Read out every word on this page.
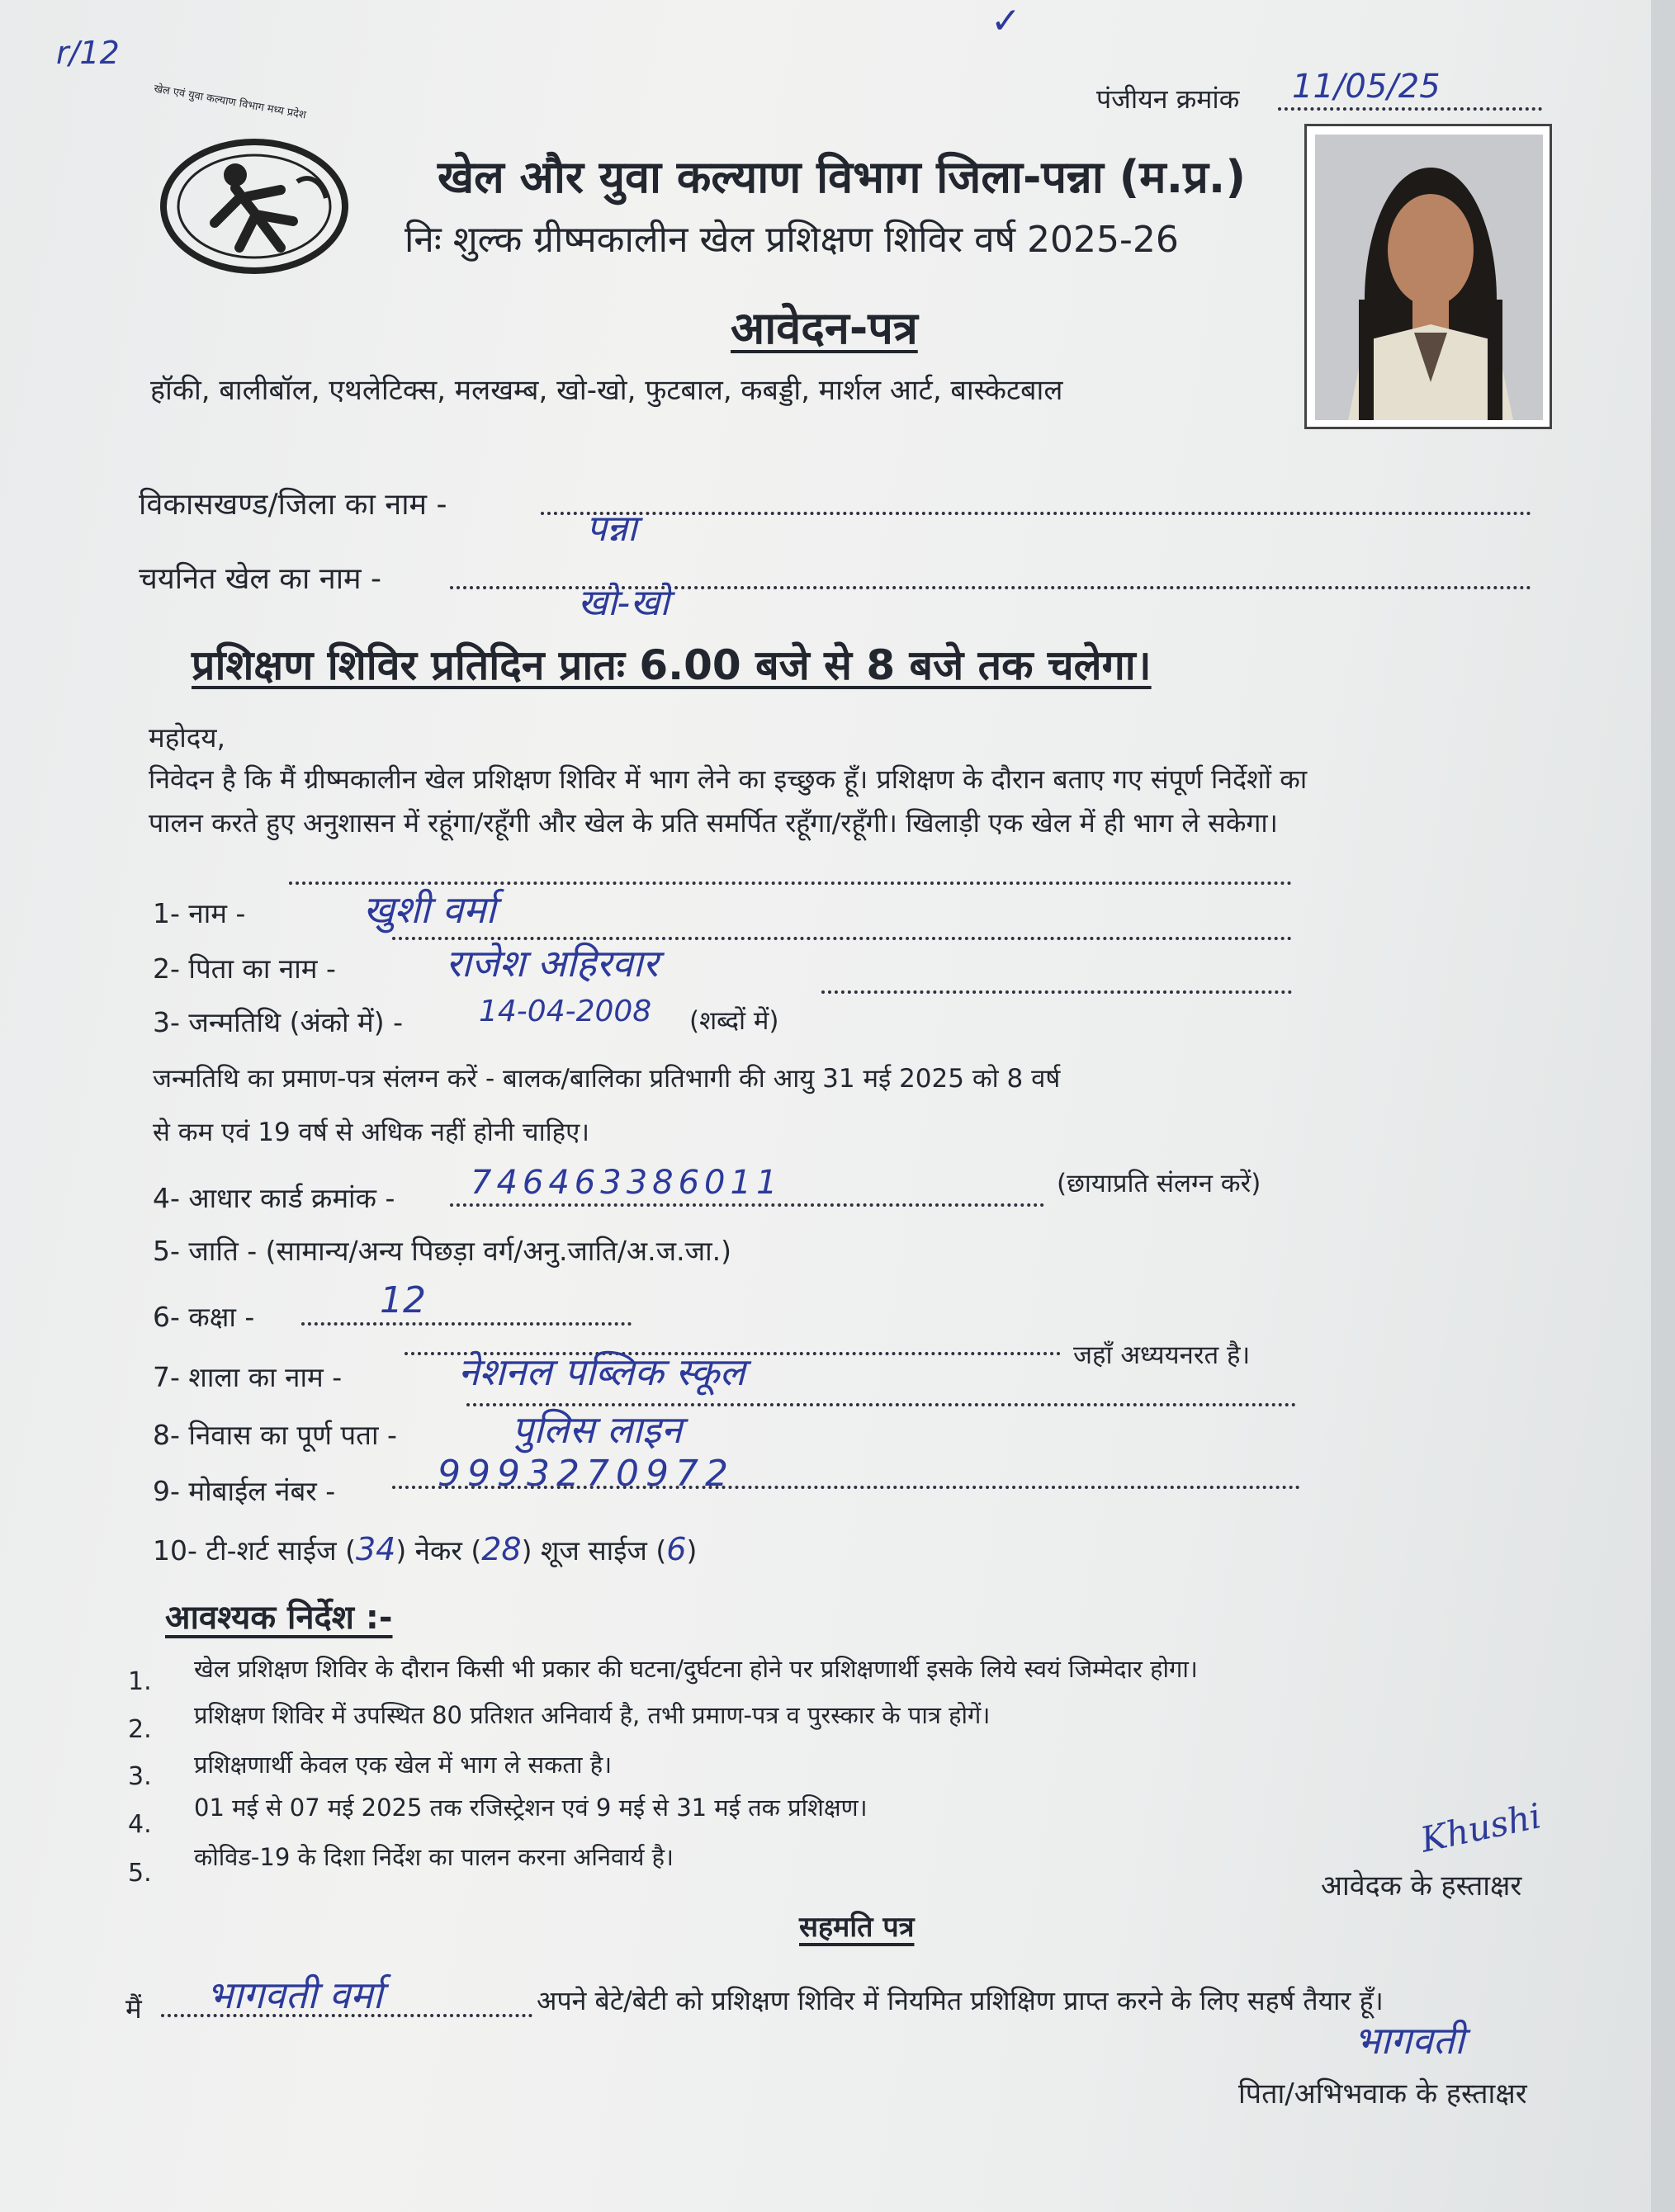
r/12
✓
पंजीयन क्रमांक 11/05/25
खेल एवं युवा कल्याण विभाग मध्य प्रदेश
खेल और युवा कल्याण विभाग जिला-पन्ना (म.प्र.)
निः शुल्क ग्रीष्मकालीन खेल प्रशिक्षण शिविर वर्ष 2025-26
आवेदन-पत्र
हॉकी, बालीबॉल, एथलेटिक्स, मलखम्ब, खो-खो, फुटबाल, कबड्डी, मार्शल आर्ट, बास्केटबाल
विकासखण्ड/जिला का नाम -
पन्ना
चयनित खेल का नाम -
खो-खो
प्रशिक्षण शिविर प्रतिदिन प्रातः 6.00 बजे से 8 बजे तक चलेगा।
महोदय,
निवेदन है कि मैं ग्रीष्मकालीन खेल प्रशिक्षण शिविर में भाग लेने का इच्छुक हूँ। प्रशिक्षण के दौरान बताए गए संपूर्ण निर्देशों का
पालन करते हुए अनुशासन में रहूंगा/रहूँगी और खेल के प्रति समर्पित रहूँगा/रहूँगी। खिलाड़ी एक खेल में ही भाग ले सकेगा।
1- नाम -	खुशी वर्मा
2- पिता का नाम -	राजेश अहिरवार
3- जन्मतिथि (अंको में) -	14-04-2008 (शब्दों में)
जन्मतिथि का प्रमाण-पत्र संलग्न करें - बालक/बालिका प्रतिभागी की आयु 31 मई 2025 को 8 वर्ष
से कम एवं 19 वर्ष से अधिक नहीं होनी चाहिए।
4- आधार कार्ड क्रमांक - 746463386011	(छायाप्रति संलग्न करें)
5- जाति - (सामान्य/अन्य पिछड़ा वर्ग/अनु.जाति/अ.ज.जा.)
6- कक्षा -	12
7- शाला का नाम -	नेशनल पब्लिक स्कूल	जहाँ अध्ययनरत है।
8- निवास का पूर्ण पता -	पुलिस लाइन
9- मोबाईल नंबर -	9993270972
10- टी-शर्ट साईज (34) नेकर (28) शूज साईज (6)
आवश्यक निर्देश :-
1. खेल प्रशिक्षण शिविर के दौरान किसी भी प्रकार की घटना/दुर्घटना होने पर प्रशिक्षणार्थी इसके लिये स्वयं जिम्मेदार होगा।
2. प्रशिक्षण शिविर में उपस्थित 80 प्रतिशत अनिवार्य है, तभी प्रमाण-पत्र व पुरस्कार के पात्र होगें।
3. प्रशिक्षणार्थी केवल एक खेल में भाग ले सकता है।
4.
01 मई से 07 मई 2025 तक रजिस्ट्रेशन एवं 9 मई से 31 मई तक प्रशिक्षण।
5.
कोविड-19 के दिशा निर्देश का पालन करना अनिवार्य है।	Khushi
आवेदक के हस्ताक्षर
सहमति पत्र
मैं भागवती वर्मा	अपने बेटे/बेटी को प्रशिक्षण शिविर में नियमित प्रशिक्षिण प्राप्त करने के लिए सहर्ष तैयार हूँ।
भागवती
पिता/अभिभवाक के हस्ताक्षर
